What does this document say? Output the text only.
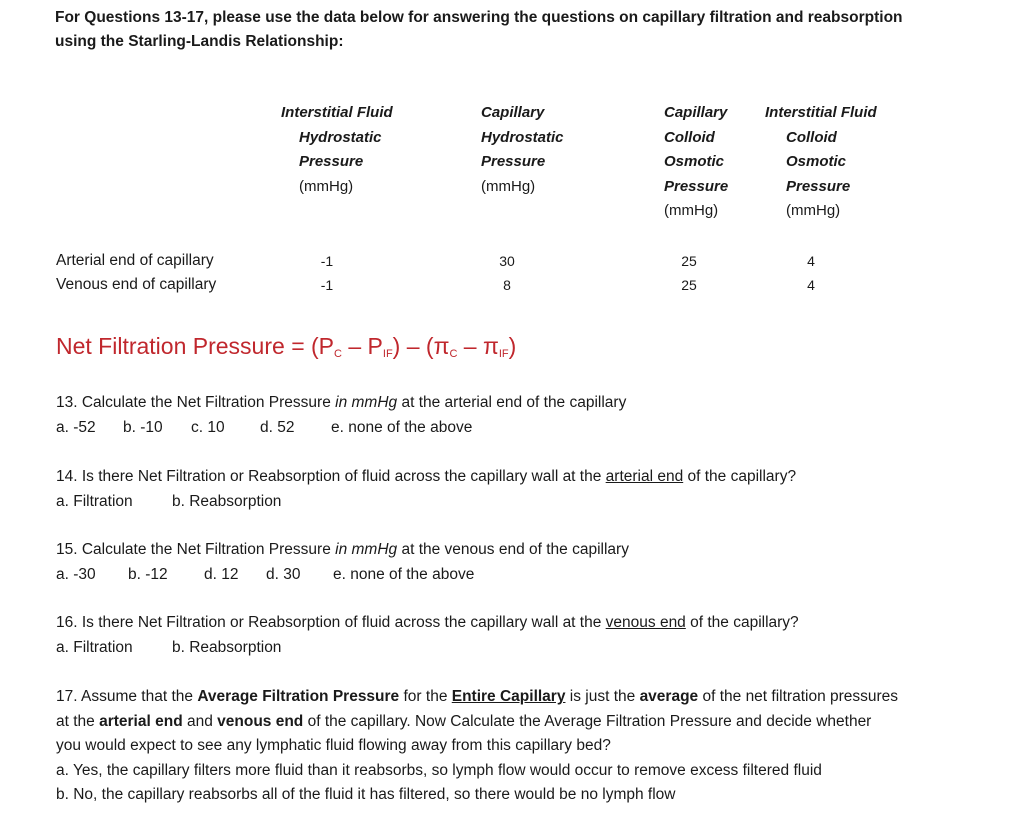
For Questions 13-17, please use the data below for answering the questions on capillary filtration and reabsorption
using the Starling-Landis Relationship:
Interstitial Fluid
Hydrostatic
Pressure
(mmHg)
Capillary
Hydrostatic
Pressure
(mmHg)
Capillary
Colloid
Osmotic
Pressure
(mmHg)
Interstitial Fluid
Colloid
Osmotic
Pressure
(mmHg)
Arterial end of capillary	-1	30	25	4
Venous end of capillary	-1	8	25	4
Net Filtration Pressure = $(P_C - P_{IF}) - (\pi_C - \pi_{IF})$
13. Calculate the Net Filtration Pressure in mmHg at the arterial end of the capillary
a. -52 b. -10 c. 10 d. 52 e. none of the above
14. Is there Net Filtration or Reabsorption of fluid across the capillary wall at the arterial end of the capillary?
a. Filtration	b. Reabsorption
15. Calculate the Net Filtration Pressure in mmHg at the venous end of the capillary
a. -30 b. -12 d. 12 d. 30 e. none of the above
16. Is there Net Filtration or Reabsorption of fluid across the capillary wall at the venous end of the capillary?
a. Filtration	b. Reabsorption
17. Assume that the Average Filtration Pressure for the Entire Capillary is just the average of the net filtration pressures
at the arterial end and venous end of the capillary. Now Calculate the Average Filtration Pressure and decide whether
you would expect to see any lymphatic fluid flowing away from this capillary bed?
a. Yes, the capillary filters more fluid than it reabsorbs, so lymph flow would occur to remove excess filtered fluid
b. No, the capillary reabsorbs all of the fluid it has filtered, so there would be no lymph flow
